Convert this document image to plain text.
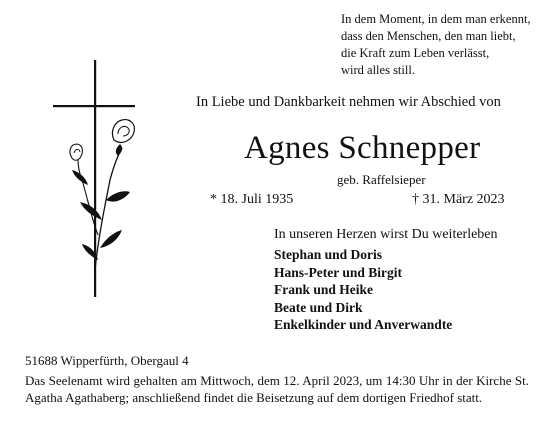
In dem Moment, in dem man erkennt,
dass den Menschen, den man liebt,
die Kraft zum Leben verlässt,
wird alles still.
In Liebe und Dankbarkeit nehmen wir Abschied von
Agnes Schnepper
geb. Raffelsieper
* 18. Juli 1935	† 31. März 2023
In unseren Herzen wirst Du weiterleben
Stephan und Doris
Hans-Peter und Birgit
Frank und Heike
Beate und Dirk
Enkelkinder und Anverwandte
51688 Wipperfürth, Obergaul 4
Das Seelenamt wird gehalten am Mittwoch, dem 12. April 2023, um 14:30 Uhr in der Kirche St. Agatha Agathaberg; anschließend findet die Beisetzung auf dem dortigen Friedhof statt.
